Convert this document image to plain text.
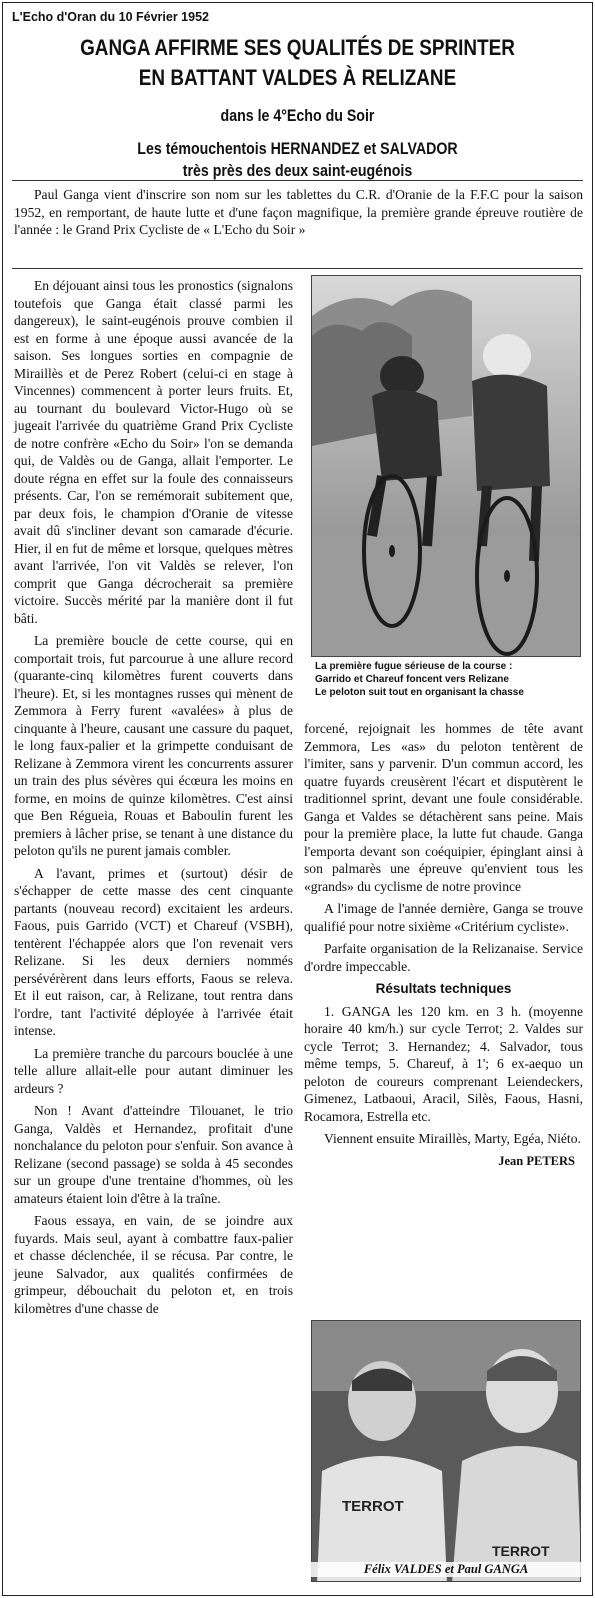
L'Echo d'Oran du 10 Février 1952
GANGA AFFIRME SES QUALITÉS DE SPRINTER
EN BATTANT VALDES À RELIZANE
dans le 4°Echo du Soir
Les témouchentois HERNANDEZ et SALVADOR
très près des deux saint-eugénois

Paul Ganga vient d'inscrire son nom sur les tablettes du C.R. d'Oranie de la F.F.C pour la saison 1952, en remportant, de haute lutte et d'une façon magnifique, la première grande épreuve routière de l'année : le Grand Prix Cycliste de « L'Echo du Soir »

En déjouant ainsi tous les pronostics (signalons toutefois que Ganga était classé parmi les dangereux), le saint-eugénois prouve combien il est en forme à une époque aussi avancée de la saison. Ses longues sorties en compagnie de Miraillès et de Perez Robert (celui-ci en stage à Vincennes) commencent à porter leurs fruits. Et, au tournant du boulevard Victor-Hugo où se jugeait l'arrivée du quatrième Grand Prix Cycliste de notre confrère «Echo du Soir» l'on se demanda qui, de Valdès ou de Ganga, allait l'emporter. Le doute régna en effet sur la foule des connaisseurs présents. Car, l'on se remémorait subitement que, par deux fois, le champion d'Oranie de vitesse avait dû s'incliner devant son camarade d'écurie. Hier, il en fut de même et lorsque, quelques mètres avant l'arrivée, l'on vit Valdès se relever, l'on comprit que Ganga décrocherait sa première victoire. Succès mérité par la manière dont il fut bâti.

La première boucle de cette course, qui en comportait trois, fut parcourue à une allure record (quarante-cinq kilomètres furent couverts dans l'heure). Et, si les montagnes russes qui mènent de Zemmora à Ferry furent «avalées» à plus de cinquante à l'heure, causant une cassure du paquet, le long faux-palier et la grimpette conduisant de Relizane à Zemmora virent les concurrents assurer un train des plus sévères qui écœura les moins en forme, en moins de quinze kilomètres. C'est ainsi que Ben Régueia, Rouas et Baboulin furent les premiers à lâcher prise, se tenant à une distance du peloton qu'ils ne purent jamais combler.

A l'avant, primes et (surtout) désir de s'échapper de cette masse des cent cinquante partants (nouveau record) excitaient les ardeurs. Faous, puis Garrido (VCT) et Chareuf (VSBH), tentèrent l'échappée alors que l'on revenait vers Relizane. Si les deux derniers nommés persévérèrent dans leurs efforts, Faous se releva. Et il eut raison, car, à Relizane, tout rentra dans l'ordre, tant l'activité déployée à l'arrivée était intense.

La première tranche du parcours bouclée à une telle allure allait-elle pour autant diminuer les ardeurs ?

Non ! Avant d'atteindre Tilouanet, le trio Ganga, Valdès et Hernandez, profitait d'une nonchalance du peloton pour s'enfuir. Son avance à Relizane (second passage) se solda à 45 secondes sur un groupe d'une trentaine d'hommes, où les amateurs étaient loin d'être à la traîne.

Faous essaya, en vain, de se joindre aux fuyards. Mais seul, ayant à combattre faux-palier et chasse déclenchée, il se récusa. Par contre, le jeune Salvador, aux qualités confirmées de grimpeur, débouchait du peloton et, en trois kilomètres d'une chasse de

La première fugue sérieuse de la course :
Garrido et Chareuf foncent vers Relizane
Le peloton suit tout en organisant la chasse

forcené, rejoignait les hommes de tête avant Zemmora, Les «as» du peloton tentèrent de l'imiter, sans y parvenir. D'un commun accord, les quatre fuyards creusèrent l'écart et disputèrent le traditionnel sprint, devant une foule considérable. Ganga et Valdes se détachèrent sans peine. Mais pour la première place, la lutte fut chaude. Ganga l'emporta devant son coéquipier, épinglant ainsi à son palmarès une épreuve qu'envient tous les «grands» du cyclisme de notre province

A l'image de l'année dernière, Ganga se trouve qualifié pour notre sixième «Critérium cycliste».

Parfaite organisation de la Relizanaise. Service d'ordre impeccable.

Résultats techniques

1. GANGA les 120 km. en 3 h. (moyenne horaire 40 km/h.) sur cycle Terrot; 2. Valdes sur cycle Terrot; 3. Hernandez; 4. Salvador, tous même temps, 5. Chareuf, à 1'; 6 ex-aequo un peloton de coureurs comprenant Leiendeckers, Gimenez, Latbaoui, Aracil, Silès, Faous, Hasni, Rocamora, Estrella etc.

Viennent ensuite Miraillès, Marty, Egéa, Niéto.

Jean PETERS

TERROT
TERROT
Félix VALDES et Paul GANGA
